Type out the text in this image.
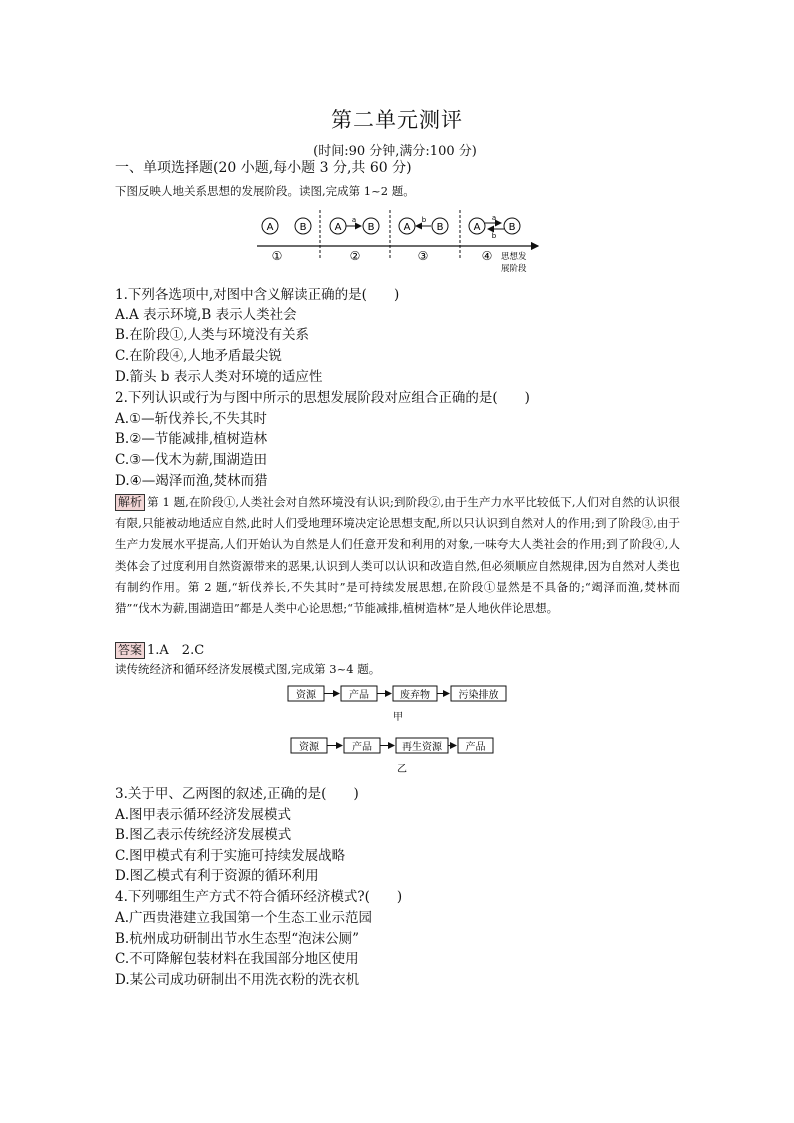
第二单元测评
(时间:90 分钟,满分:100 分)
一、单项选择题(20 小题,每小题 3 分,共 60 分)
下图反映人地关系思想的发展阶段。读图,完成第 1~2 题。
A	B	A
a
B	A
b
B	A
a
b
B
①	②	③	④ 思想发
展阶段
1.下列各选项中,对图中含义解读正确的是(　　)
A.A 表示环境,B 表示人类社会
B.在阶段①,人类与环境没有关系
C.在阶段④,人地矛盾最尖锐
D.箭头 b 表示人类对环境的适应性
2.下列认识或行为与图中所示的思想发展阶段对应组合正确的是(　　)
A.①—斩伐养长,不失其时
B.②—节能减排,植树造林
C.③—伐木为薪,围湖造田
D.④—竭泽而渔,焚林而猎
解析 第 1 题,在阶段①,人类社会对自然环境没有认识;到阶段②,由于生产力水平比较低下,人们对自然的认识很有限,只能被动地适应自然,此时人们受地理环境决定论思想支配,所以只认识到自然对人的作用;到了阶段③,由于生产力发展水平提高,人们开始认为自然是人们任意开发和利用的对象,一味夸大人类社会的作用;到了阶段④,人类体会了过度利用自然资源带来的恶果,认识到人类可以认识和改造自然,但必须顺应自然规律,因为自然对人类也有制约作用。第 2 题,“斩伐养长,不失其时”是可持续发展思想,在阶段①显然是不具备的;“竭泽而渔,焚林而猎”“伐木为薪,围湖造田”都是人类中心论思想;“节能减排,植树造林”是人地伙伴论思想。
答案 1.A　2.C
读传统经济和循环经济发展模式图,完成第 3~4 题。
资源	产品	废弃物	污染排放
甲
资源	产品	再生资源 产品
乙
3.关于甲、乙两图的叙述,正确的是(　　)
A.图甲表示循环经济发展模式
B.图乙表示传统经济发展模式
C.图甲模式有利于实施可持续发展战略
D.图乙模式有利于资源的循环利用
4.下列哪组生产方式不符合循环经济模式?(　　)
A.广西贵港建立我国第一个生态工业示范园
B.杭州成功研制出节水生态型“泡沫公厕”
C.不可降解包装材料在我国部分地区使用
D.某公司成功研制出不用洗衣粉的洗衣机
